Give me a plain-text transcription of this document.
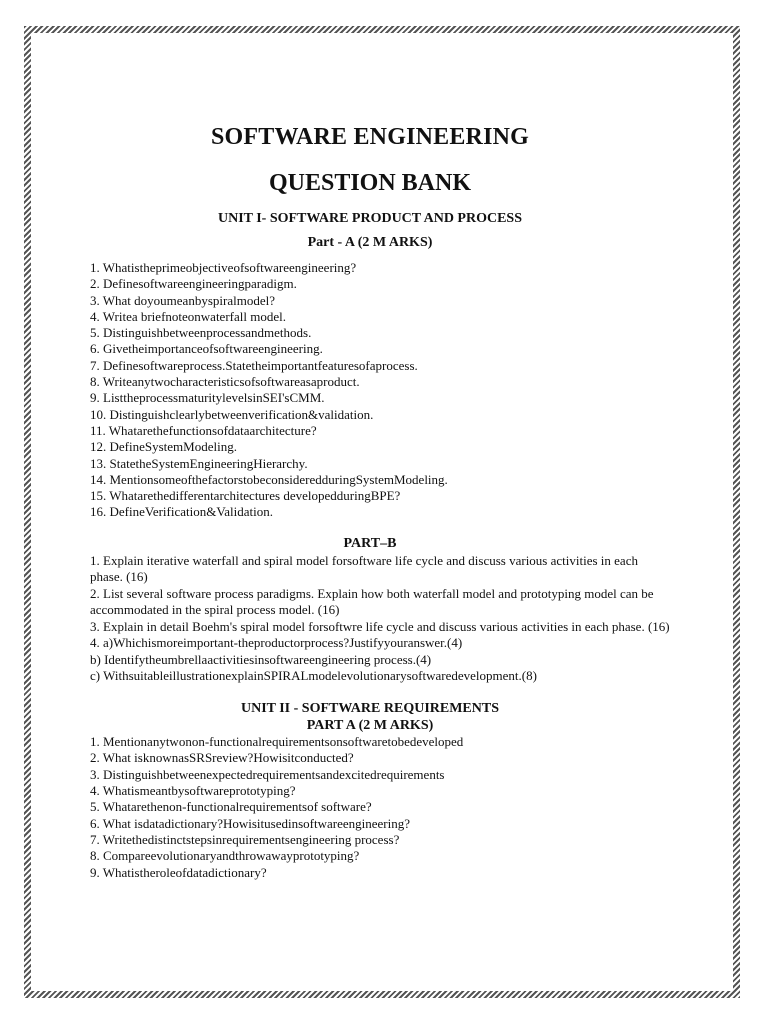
SOFTWARE ENGINEERING
QUESTION BANK
UNIT I- SOFTWARE PRODUCT AND PROCESS
Part - A (2 M ARKS)
1. Whatistheprimeobjectiveofsoftwareengineering?
2. Definesoftwareengineeringparadigm.
3. What doyoumeanbyspiralmodel?
4. Writea briefnoteonwaterfall model.
5. Distinguishbetweenprocessandmethods.
6. Givetheimportanceofsoftwareengineering.
7. Definesoftwareprocess.Statetheimportantfeaturesofaprocess.
8. Writeanytwocharacteristicsofsoftwareasaproduct.
9. ListtheprocessmaturitylevelsinSEI'sCMM.
10. Distinguishclearlybetweenverification&validation.
11. Whatarethefunctionsofdataarchitecture?
12. DefineSystemModeling.
13. StatetheSystemEngineeringHierarchy.
14. MentionsomeofthefactorstobeconsideredduringSystemModeling.
15. Whatarethedifferentarchitectures developedduringBPE?
16. DefineVerification&Validation.
PART–B
1. Explain iterative waterfall and spiral model forsoftware life cycle and discuss various activities in each phase. (16)
2. List several software process paradigms. Explain how both waterfall model and prototyping model can be accommodated in the spiral process model. (16)
3. Explain in detail Boehm's spiral model forsoftwre life cycle and discuss various activities in each phase. (16)
4. a)Whichismoreimportant-theproductorprocess?Justifyyouranswer.(4)
b) Identifytheumbrellaactivitiesinsoftwareengineering process.(4)
c) WithsuitableillustrationexplainSPIRALmodelevolutionarysoftwaredevelopment.(8)
UNIT II - SOFTWARE REQUIREMENTS
PART A (2 M ARKS)
1. Mentionanytwonon-functionalrequirementsonsoftwaretobedeveloped
2. What isknownasSRSreview?Howisitconducted?
3. Distinguishbetweenexpectedrequirementsandexcitedrequirements
4. Whatismeantbysoftwareprototyping?
5. Whatarethenon-functionalrequirementsof software?
6. What isdatadictionary?Howisitusedinsoftwareengineering?
7. Writethedistinctstepsinrequirementsengineering process?
8. Compareevolutionaryandthrowawayprototyping?
9. Whatistheroleofdatadictionary?
